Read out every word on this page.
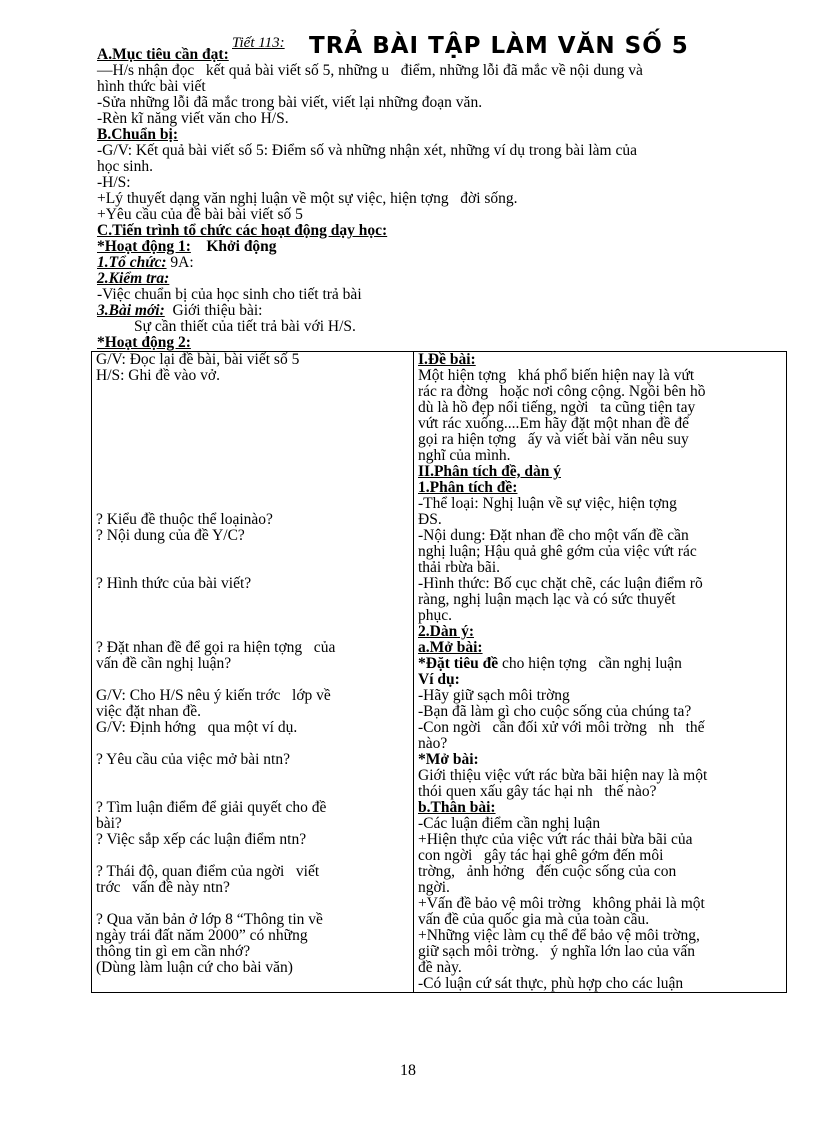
Tiết 113: TRẢ BÀI TẬP LÀM VĂN SỐ 5
A.Mục tiêu cần đạt:
—H/s nhận đọc   kết quả bài viết số 5, những u   điểm, những lỗi đã mắc về nội dung và
hình thức bài viết
-Sửa những lỗi đã mắc trong bài viết, viết lại những đoạn văn.
-Rèn kĩ năng viết văn cho H/S.
B.Chuẩn bị:
-G/V: Kết quả bài viết số 5: Điểm số và những nhận xét, những ví dụ trong bài làm của
học sinh.
-H/S:
+Lý thuyết dạng văn nghị luận về một sự việc, hiện tợng   đời sống.
+Yêu cầu của đề bài bài viết số 5
C.Tiến trình tổ chức các hoạt động dạy học:
*Hoạt động 1: Khởi động
1.Tổ chức: 9A:
2.Kiểm tra:
-Việc chuẩn bị của học sinh cho tiết trả bài
3.Bài mới: Giới thiệu bài:
Sự cần thiết của tiết trả bài với H/S.
*Hoạt động 2:
G/V: Đọc lại đề bài, bài viết số 5
H/S: Ghi đề vào vở.
? Kiểu đề thuộc thể loạinào?
? Nội dung của đề Y/C?
? Hình thức của bài viết?
? Đặt nhan đề để gọi ra hiện tợng   của
vấn đề cần nghị luận?
G/V: Cho H/S nêu ý kiến trớc   lớp về
việc đặt nhan đề.
G/V: Định hớng   qua một ví dụ.
? Yêu cầu của việc mở bài ntn?
? Tìm luận điểm để giải quyết cho đề
bài?
? Việc sắp xếp các luận điểm ntn?
? Thái độ, quan điểm của ngời   viết
trớc   vấn đề này ntn?
? Qua văn bản ở lớp 8 “Thông tin về
ngày trái đất năm 2000” có những
thông tin gì em cần nhớ?
(Dùng làm luận cứ cho bài văn)

I.Đề bài:
Một hiện tợng   khá phổ biến hiện nay là vứt
rác ra đờng   hoặc nơi công cộng. Ngồi bên hồ
dù là hồ đẹp nổi tiếng, ngời   ta cũng tiện tay
vứt rác xuống....Em hãy đặt một nhan đề để
gọi ra hiện tợng   ấy và viết bài văn nêu suy
nghĩ của mình.
II.Phân tích đề, dàn ý
1.Phân tích đề:
-Thể loại: Nghị luận về sự việc, hiện tợng
ĐS.
-Nội dung: Đặt nhan đề cho một vấn đề cần
nghị luận; Hậu quả ghê gớm của việc vứt rác
thải rbừa bãi.
-Hình thức: Bố cục chặt chẽ, các luận điểm rõ
ràng, nghị luận mạch lạc và có sức thuyết
phục.
2.Dàn ý:
a.Mở bài:
*Đặt tiêu đề cho hiện tợng   cần nghị luận
Ví dụ:
-Hãy giữ sạch môi trờng
-Bạn đã làm gì cho cuộc sống của chúng ta?
-Con ngời   cần đối xử với môi trờng   nh   thế
nào?
*Mở bài:
Giới thiệu việc vứt rác bừa bãi hiện nay là một
thói quen xấu gây tác hại nh   thế nào?
b.Thân bài:
-Các luận điểm cần nghị luận
+Hiện thực của việc vứt rác thải bừa bãi của
con ngời   gây tác hại ghê gớm đến môi
trờng,   ảnh hởng   đến cuộc sống của con
ngời.
+Vấn đề bảo vệ môi trờng   không phải là một
vấn đề của quốc gia mà của toàn cầu.
+Những việc làm cụ thể để bảo vệ môi trờng,
giữ sạch môi trờng.   ý nghĩa lớn lao của vấn
đề này.
-Có luận cứ sát thực, phù hợp cho các luận
18
